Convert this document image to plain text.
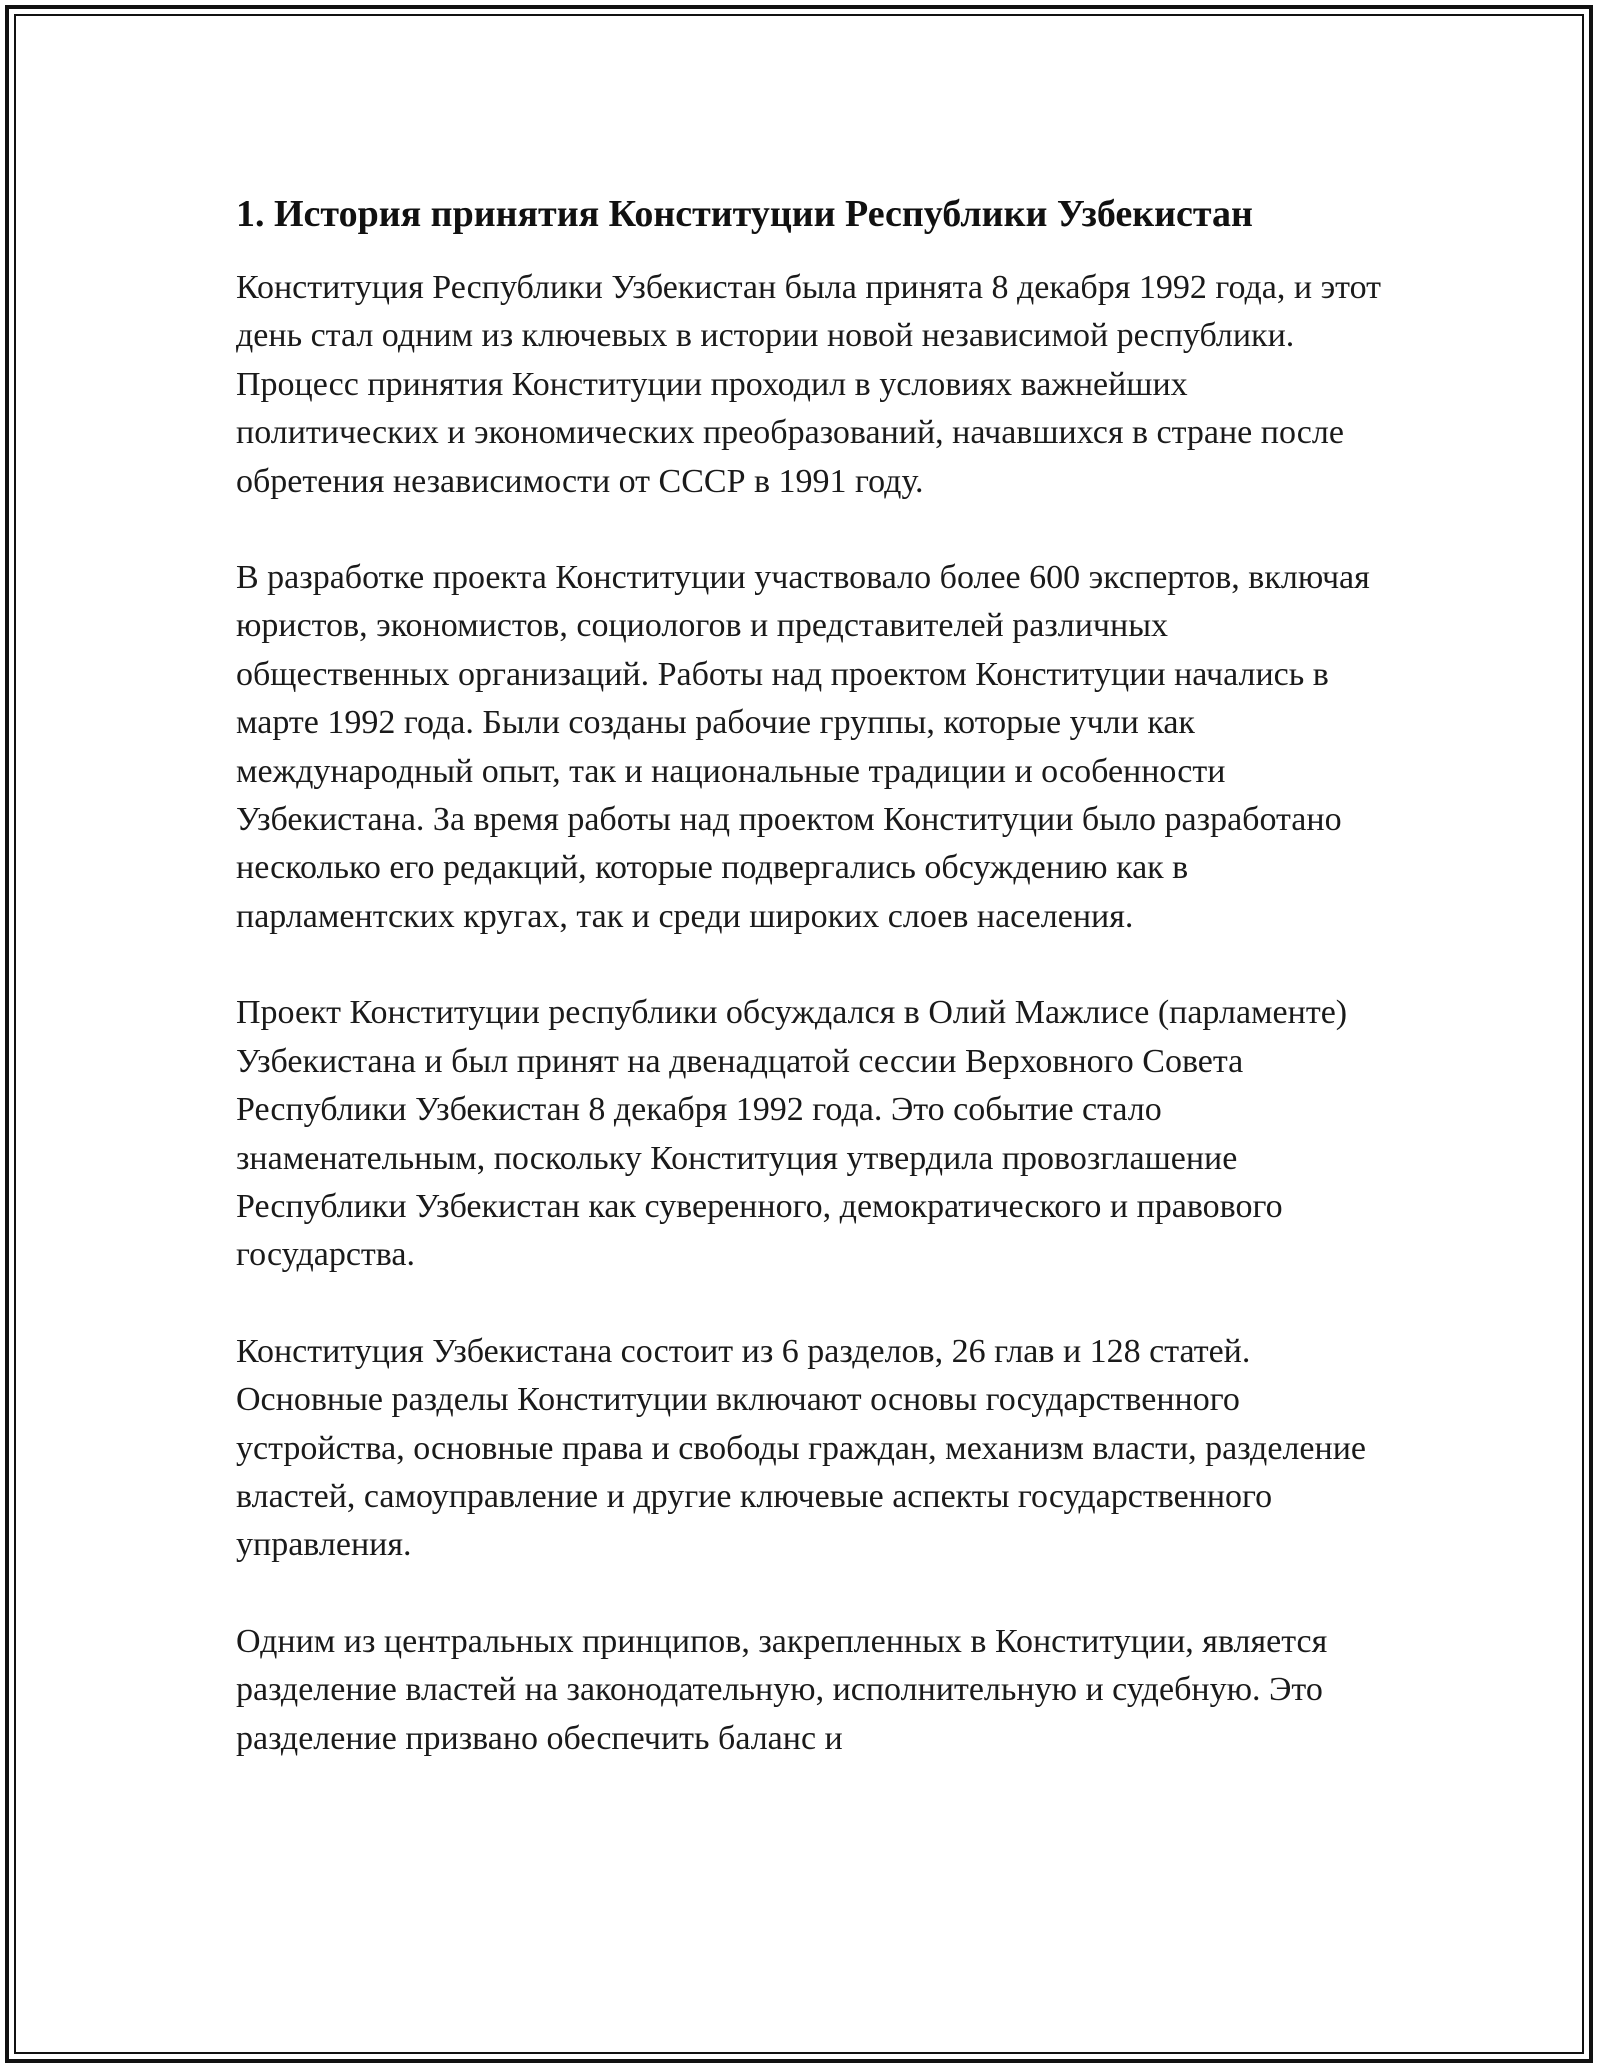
1. История принятия Конституции Республики Узбекистан

Конституция Республики Узбекистан была принята 8 декабря 1992 года, и этот день стал одним из ключевых в истории новой независимой республики. Процесс принятия Конституции проходил в условиях важнейших политических и экономических преобразований, начавшихся в стране после обретения независимости от СССР в 1991 году.

В разработке проекта Конституции участвовало более 600 экспертов, включая юристов, экономистов, социологов и представителей различных общественных организаций. Работы над проектом Конституции начались в марте 1992 года. Были созданы рабочие группы, которые учли как международный опыт, так и национальные традиции и особенности Узбекистана. За время работы над проектом Конституции было разработано несколько его редакций, которые подвергались обсуждению как в парламентских кругах, так и среди широких слоев населения.

Проект Конституции республики обсуждался в Олий Мажлисе (парламенте) Узбекистана и был принят на двенадцатой сессии Верховного Совета Республики Узбекистан 8 декабря 1992 года. Это событие стало знаменательным, поскольку Конституция утвердила провозглашение Республики Узбекистан как суверенного, демократического и правового государства.

Конституция Узбекистана состоит из 6 разделов, 26 глав и 128 статей. Основные разделы Конституции включают основы государственного устройства, основные права и свободы граждан, механизм власти, разделение властей, самоуправление и другие ключевые аспекты государственного управления.

Одним из центральных принципов, закрепленных в Конституции, является разделение властей на законодательную, исполнительную и судебную. Это разделение призвано обеспечить баланс и
